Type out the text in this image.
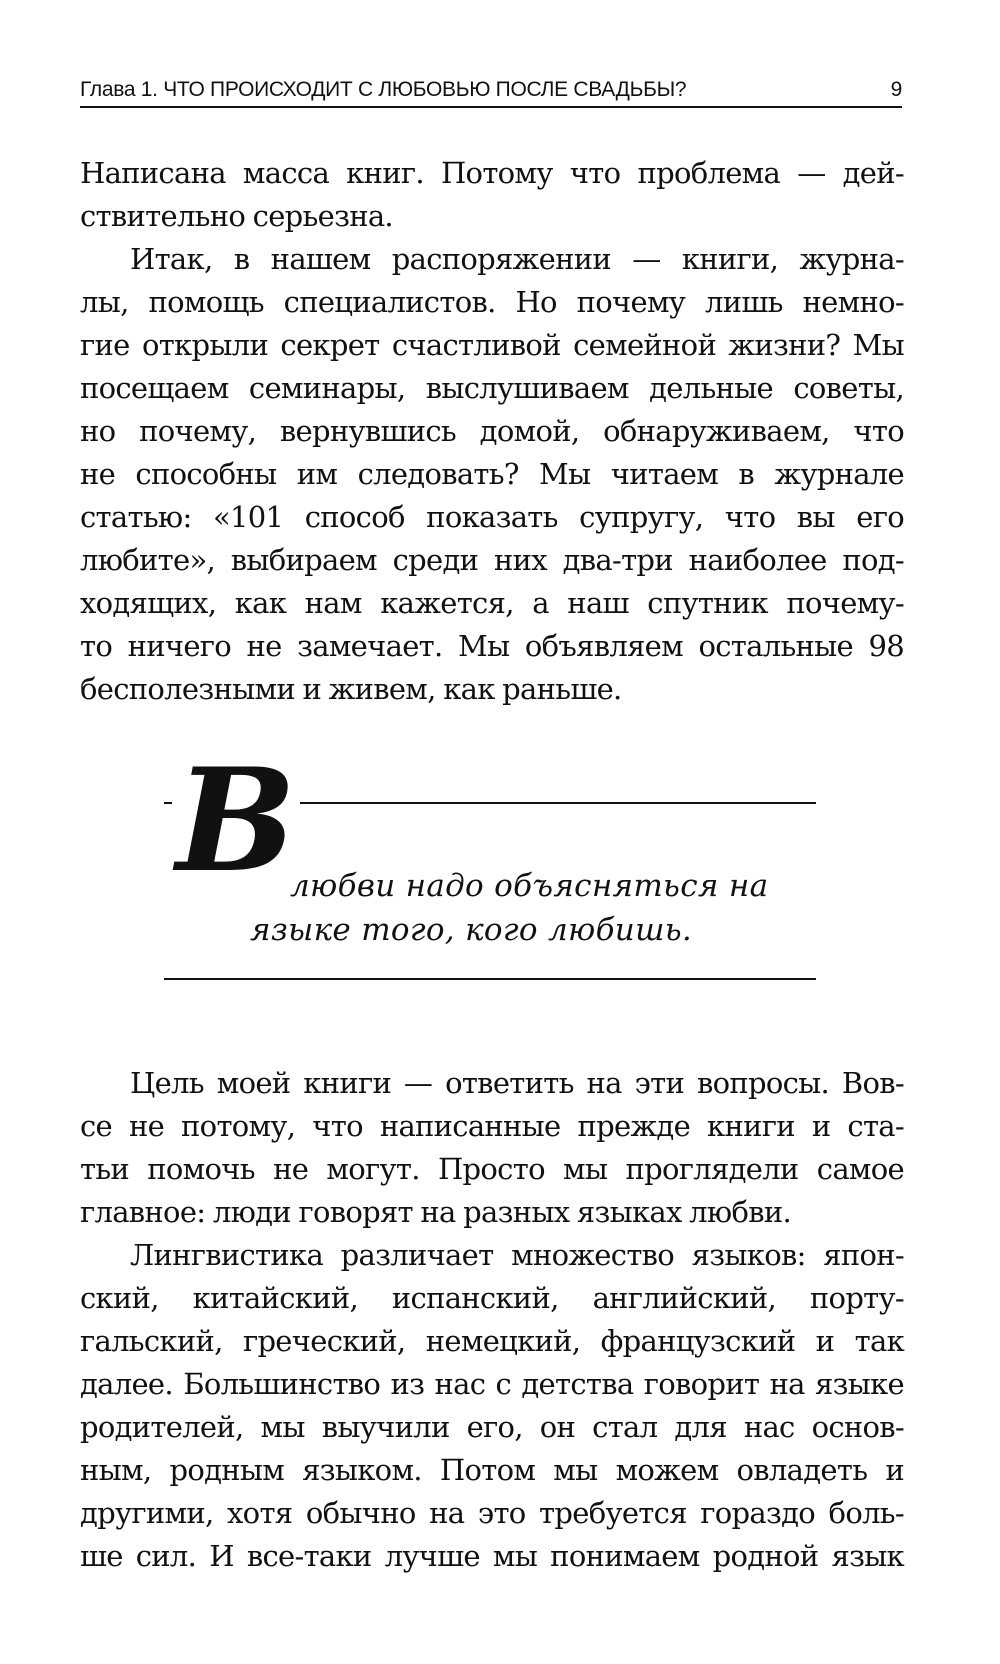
Глава 1. ЧТО ПРОИСХОДИТ С ЛЮБОВЬЮ ПОСЛЕ СВАДЬБЫ?	9
Написана масса книг. Потому что проблема — дей-
ствительно серьезна.
Итак, в нашем распоряжении — книги, журна-
лы, помощь специалистов. Но почему лишь немно-
гие открыли секрет счастливой семейной жизни? Мы
посещаем семинары, выслушиваем дельные советы,
но почему, вернувшись домой, обнаруживаем, что
не способны им следовать? Мы читаем в журнале
статью: «101 способ показать супругу, что вы его
любите», выбираем среди них два-три наиболее под-
ходящих, как нам кажется, а наш спутник почему-
то ничего не замечает. Мы объявляем остальные 98
бесполезными и живем, как раньше.
В
любви надо объясняться на
языке того, кого любишь.
Цель моей книги — ответить на эти вопросы. Вов-
се не потому, что написанные прежде книги и ста-
тьи помочь не могут. Просто мы проглядели самое
главное: люди говорят на разных языках любви.
Лингвистика различает множество языков: япон-
ский, китайский, испанский, английский, порту-
гальский, греческий, немецкий, французский и так
далее. Большинство из нас с детства говорит на языке
родителей, мы выучили его, он стал для нас основ-
ным, родным языком. Потом мы можем овладеть и
другими, хотя обычно на это требуется гораздо боль-
ше сил. И все-таки лучше мы понимаем родной язык
